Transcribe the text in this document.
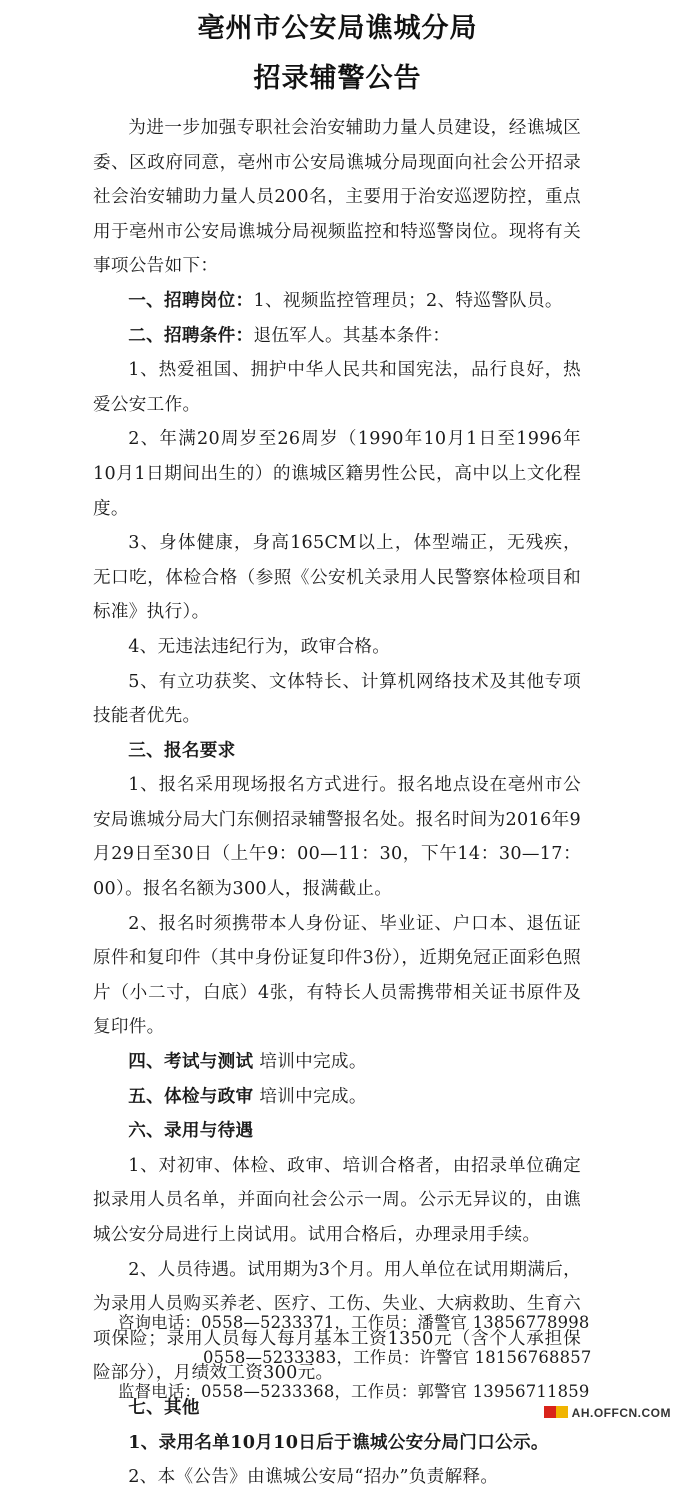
亳州市公安局谯城分局
招录辅警公告

为进一步加强专职社会治安辅助力量人员建设，经谯城区委、区政府同意，亳州市公安局谯城分局现面向社会公开招录社会治安辅助力量人员200名，主要用于治安巡逻防控，重点用于亳州市公安局谯城分局视频监控和特巡警岗位。现将有关事项公告如下：

一、招聘岗位：1、视频监控管理员；2、特巡警队员。

二、招聘条件：退伍军人。其基本条件：

1、热爱祖国、拥护中华人民共和国宪法，品行良好，热爱公安工作。

2、年满20周岁至26周岁（1990年10月1日至1996年10月1日期间出生的）的谯城区籍男性公民，高中以上文化程度。

3、身体健康，身高165CM以上，体型端正，无残疾，无口吃，体检合格（参照《公安机关录用人民警察体检项目和标准》执行）。

4、无违法违纪行为，政审合格。

5、有立功获奖、文体特长、计算机网络技术及其他专项技能者优先。

三、报名要求

1、报名采用现场报名方式进行。报名地点设在亳州市公安局谯城分局大门东侧招录辅警报名处。报名时间为2016年9月29日至30日（上午9：00—11：30，下午14：30—17：00）。报名名额为300人，报满截止。

2、报名时须携带本人身份证、毕业证、户口本、退伍证原件和复印件（其中身份证复印件3份），近期免冠正面彩色照片（小二寸，白底）4张，有特长人员需携带相关证书原件及复印件。

四、考试与测试 培训中完成。

五、体检与政审 培训中完成。

六、录用与待遇

1、对初审、体检、政审、培训合格者，由招录单位确定拟录用人员名单，并面向社会公示一周。公示无异议的，由谯城公安分局进行上岗试用。试用合格后，办理录用手续。

2、人员待遇。试用期为3个月。用人单位在试用期满后，为录用人员购买养老、医疗、工伤、失业、大病救助、生育六项保险；录用人员每人每月基本工资1350元（含个人承担保险部分），月绩效工资300元。

七、其他

1、录用名单10月10日后于谯城公安分局门口公示。

2、本《公告》由谯城公安局“招办”负责解释。

咨询电话：0558—5233371，工作员：潘警官 13856778998
0558—5233383，工作员：许警官 18156768857
监督电话：0558—5233368，工作员：郭警官 13956711859
AH.OFFCN.COM
